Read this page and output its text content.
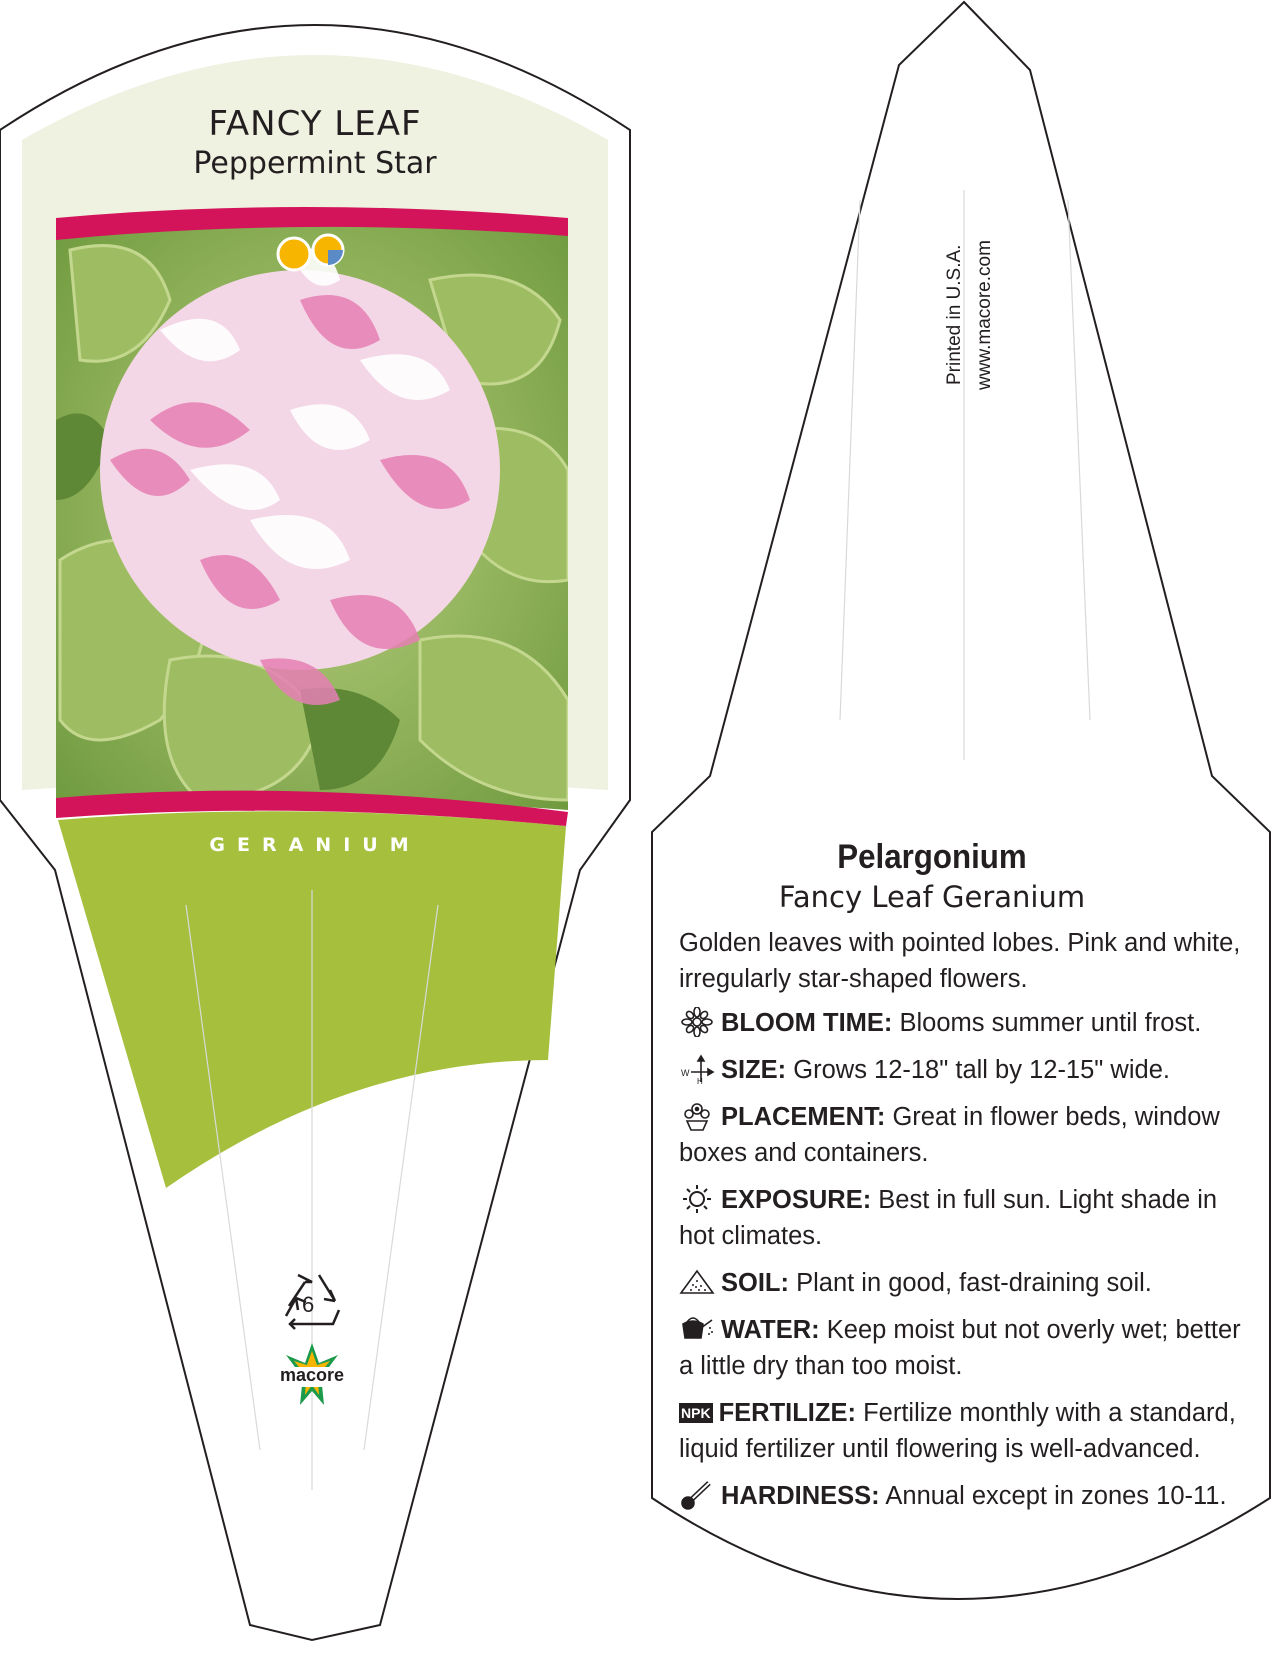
FANCY LEAF
Peppermint Star
GERANIUM
6
macore
Printed in U.S.A. www.macore.com
Pelargonium
Fancy Leaf Geranium

Golden leaves with pointed lobes. Pink and white, irregularly star-shaped flowers.

BLOOM TIME: Blooms summer until frost.

W
H SIZE: Grows 12-18" tall by 12-15" wide.

PLACEMENT: Great in flower beds, window boxes and containers.

EXPOSURE: Best in full sun. Light shade in hot climates.

SOIL: Plant in good, fast-draining soil.

WATER: Keep moist but not overly wet; better a little dry than too moist.

NPK FERTILIZE: Fertilize monthly with a standard, liquid fertilizer until flowering is well-advanced.

HARDINESS: Annual except in zones 10-11.
